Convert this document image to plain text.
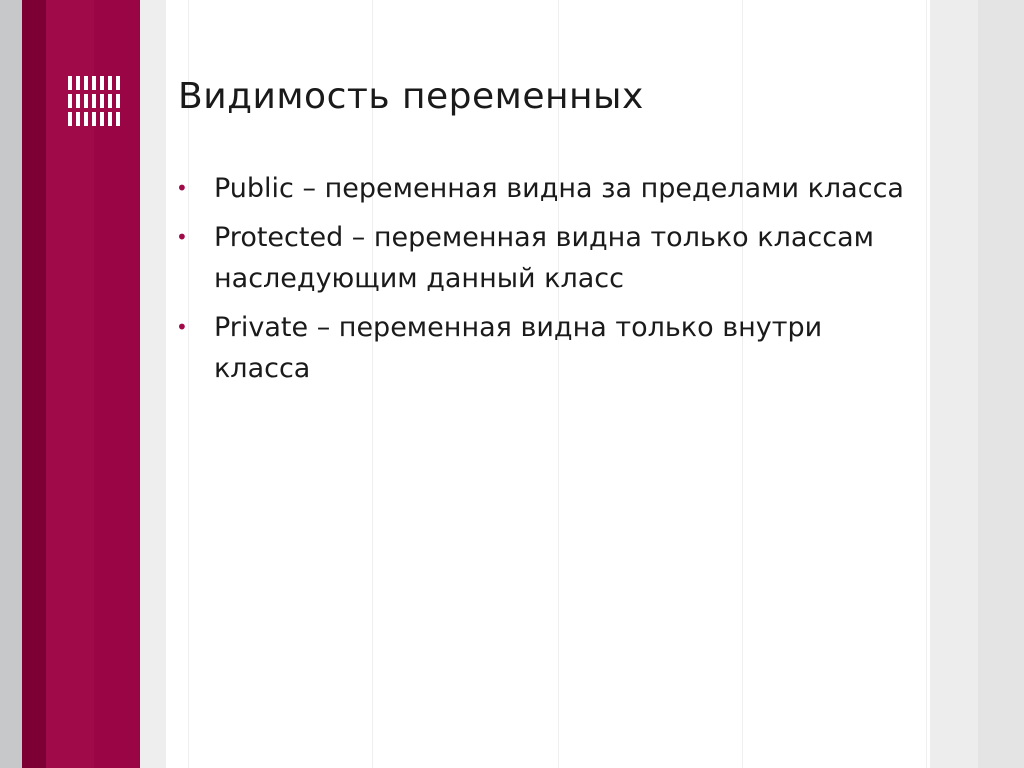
Видимость переменных
• Public – переменная видна за пределами класса
• Protected – переменная видна только классам наследующим данный класс
• Private – переменная видна только внутри класса
